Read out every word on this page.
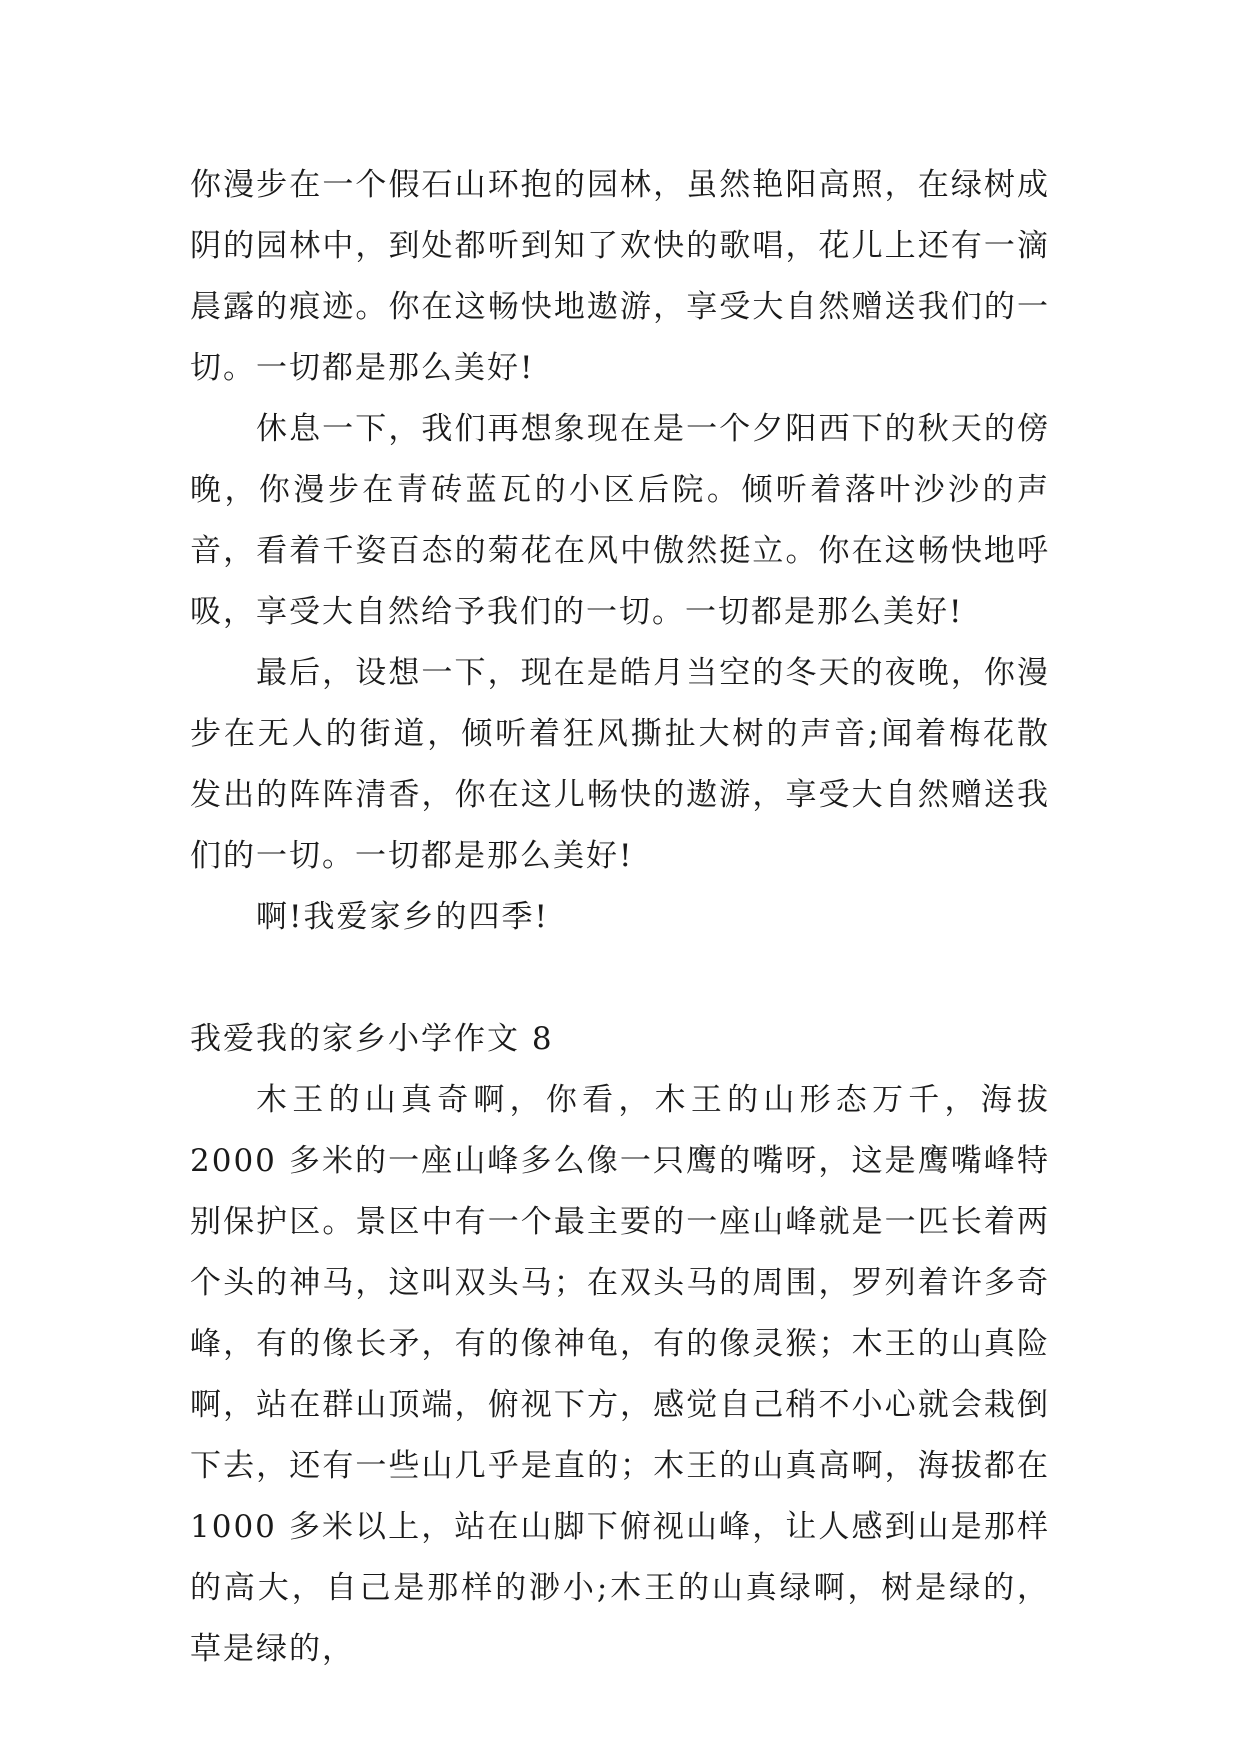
你漫步在一个假石山环抱的园林，虽然艳阳高照，在绿树成阴的园林中，到处都听到知了欢快的歌唱，花儿上还有一滴晨露的痕迹。你在这畅快地遨游，享受大自然赠送我们的一切。一切都是那么美好!

休息一下，我们再想象现在是一个夕阳西下的秋天的傍晚，你漫步在青砖蓝瓦的小区后院。倾听着落叶沙沙的声音，看着千姿百态的菊花在风中傲然挺立。你在这畅快地呼吸，享受大自然给予我们的一切。一切都是那么美好!

最后，设想一下，现在是皓月当空的冬天的夜晚，你漫步在无人的街道，倾听着狂风撕扯大树的声音;闻着梅花散发出的阵阵清香，你在这儿畅快的遨游，享受大自然赠送我们的一切。一切都是那么美好!

啊!我爱家乡的四季!

我爱我的家乡小学作文 8

木王的山真奇啊，你看，木王的山形态万千，海拔 2000 多米的一座山峰多么像一只鹰的嘴呀，这是鹰嘴峰特别保护区。景区中有一个最主要的一座山峰就是一匹长着两个头的神马，这叫双头马；在双头马的周围，罗列着许多奇峰，有的像长矛，有的像神龟，有的像灵猴；木王的山真险啊，站在群山顶端，俯视下方，感觉自己稍不小心就会栽倒下去，还有一些山几乎是直的；木王的山真高啊，海拔都在 1000 多米以上，站在山脚下俯视山峰，让人感到山是那样的高大，自己是那样的渺小;木王的山真绿啊，树是绿的，草是绿的，
